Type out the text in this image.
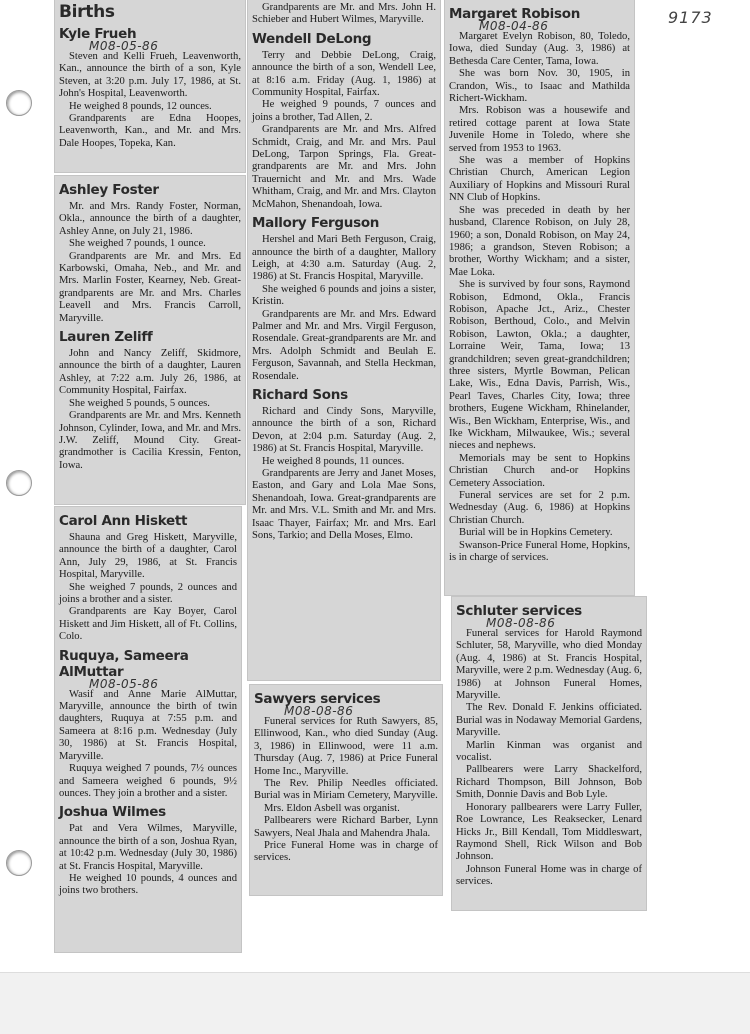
9173
Births
Kyle Frueh
M08-05-86

Steven and Kelli Frueh, Leavenworth, Kan., announce the birth of a son, Kyle Steven, at 3:20 p.m. July 17, 1986, at St. John's Hospital, Leavenworth.

He weighed 8 pounds, 12 ounces.

Grandparents are Edna Hoopes, Leavenworth, Kan., and Mr. and Mrs. Dale Hoopes, Topeka, Kan.

Ashley Foster

Mr. and Mrs. Randy Foster, Norman, Okla., announce the birth of a daughter, Ashley Anne, on July 21, 1986.

She weighed 7 pounds, 1 ounce.

Grandparents are Mr. and Mrs. Ed Karbowski, Omaha, Neb., and Mr. and Mrs. Marlin Foster, Kearney, Neb. Great-grandparents are Mr. and Mrs. Charles Leavell and Mrs. Francis Carroll, Maryville.

Lauren Zeliff

John and Nancy Zeliff, Skidmore, announce the birth of a daughter, Lauren Ashley, at 7:22 a.m. July 26, 1986, at Community Hospital, Fairfax.

She weighed 5 pounds, 5 ounces.

Grandparents are Mr. and Mrs. Kenneth Johnson, Cylinder, Iowa, and Mr. and Mrs. J.W. Zeliff, Mound City. Great-grandmother is Cacilia Kressin, Fenton, Iowa.

Carol Ann Hiskett

Shauna and Greg Hiskett, Maryville, announce the birth of a daughter, Carol Ann, July 29, 1986, at St. Francis Hospital, Maryville.

She weighed 7 pounds, 2 ounces and joins a brother and a sister.

Grandparents are Kay Boyer, Carol Hiskett and Jim Hiskett, all of Ft. Collins, Colo.

Ruquya, Sameera AlMuttar
M08-05-86

Wasif and Anne Marie AlMuttar, Maryville, announce the birth of twin daughters, Ruquya at 7:55 p.m. and Sameera at 8:16 p.m. Wednesday (July 30, 1986) at St. Francis Hospital, Maryville.

Ruquya weighed 7 pounds, 7½ ounces and Sameera weighed 6 pounds, 9½ ounces. They join a brother and a sister.

Joshua Wilmes

Pat and Vera Wilmes, Maryville, announce the birth of a son, Joshua Ryan, at 10:42 p.m. Wednesday (July 30, 1986) at St. Francis Hospital, Maryville.

He weighed 10 pounds, 4 ounces and joins two brothers.

Grandparents are Mr. and Mrs. John H. Schieber and Hubert Wilmes, Maryville.

Wendell DeLong

Terry and Debbie DeLong, Craig, announce the birth of a son, Wendell Lee, at 8:16 a.m. Friday (Aug. 1, 1986) at Community Hospital, Fairfax.

He weighed 9 pounds, 7 ounces and joins a brother, Tad Allen, 2.

Grandparents are Mr. and Mrs. Alfred Schmidt, Craig, and Mr. and Mrs. Paul DeLong, Tarpon Springs, Fla. Great-grandparents are Mr. and Mrs. John Trauernicht and Mr. and Mrs. Wade Whitham, Craig, and Mr. and Mrs. Clayton McMahon, Shenandoah, Iowa.

Mallory Ferguson

Hershel and Mari Beth Ferguson, Craig, announce the birth of a daughter, Mallory Leigh, at 4:30 a.m. Saturday (Aug. 2, 1986) at St. Francis Hospital, Maryville.

She weighed 6 pounds and joins a sister, Kristin.

Grandparents are Mr. and Mrs. Edward Palmer and Mr. and Mrs. Virgil Ferguson, Rosendale. Great-grandparents are Mr. and Mrs. Adolph Schmidt and Beulah E. Ferguson, Savannah, and Stella Heckman, Rosendale.

Richard Sons

Richard and Cindy Sons, Maryville, announce the birth of a son, Richard Devon, at 2:04 p.m. Saturday (Aug. 2, 1986) at St. Francis Hospital, Maryville.

He weighed 8 pounds, 11 ounces.

Grandparents are Jerry and Janet Moses, Easton, and Gary and Lola Mae Sons, Shenandoah, Iowa. Great-grandparents are Mr. and Mrs. V.L. Smith and Mr. and Mrs. Isaac Thayer, Fairfax; Mr. and Mrs. Earl Sons, Tarkio; and Della Moses, Elmo.

Sawyers services
M08-08-86

Funeral services for Ruth Sawyers, 85, Ellinwood, Kan., who died Sunday (Aug. 3, 1986) in Ellinwood, were 11 a.m. Thursday (Aug. 7, 1986) at Price Funeral Home Inc., Maryville.

The Rev. Philip Needles officiated. Burial was in Miriam Cemetery, Maryville.

Mrs. Eldon Asbell was organist.

Pallbearers were Richard Barber, Lynn Sawyers, Neal Jhala and Mahendra Jhala.

Price Funeral Home was in charge of services.

Margaret Robison
M08-04-86

Margaret Evelyn Robison, 80, Toledo, Iowa, died Sunday (Aug. 3, 1986) at Bethesda Care Center, Tama, Iowa.

She was born Nov. 30, 1905, in Crandon, Wis., to Isaac and Mathilda Richert-Wickham.

Mrs. Robison was a housewife and retired cottage parent at Iowa State Juvenile Home in Toledo, where she served from 1953 to 1963.

She was a member of Hopkins Christian Church, American Legion Auxiliary of Hopkins and Missouri Rural NN Club of Hopkins.

She was preceded in death by her husband, Clarence Robison, on July 28, 1960; a son, Donald Robison, on May 24, 1986; a grandson, Steven Robison; a brother, Worthy Wickham; and a sister, Mae Loka.

She is survived by four sons, Raymond Robison, Edmond, Okla., Francis Robison, Apache Jct., Ariz., Chester Robison, Berthoud, Colo., and Melvin Robison, Lawton, Okla.; a daughter, Lorraine Weir, Tama, Iowa; 13 grandchildren; seven great-grandchildren; three sisters, Myrtle Bowman, Pelican Lake, Wis., Edna Davis, Parrish, Wis., Pearl Taves, Charles City, Iowa; three brothers, Eugene Wickham, Rhinelander, Wis., Ben Wickham, Enterprise, Wis., and Ike Wickham, Milwaukee, Wis.; several nieces and nephews.

Memorials may be sent to Hopkins Christian Church and-or Hopkins Cemetery Association.

Funeral services are set for 2 p.m. Wednesday (Aug. 6, 1986) at Hopkins Christian Church.

Burial will be in Hopkins Cemetery.

Swanson-Price Funeral Home, Hopkins, is in charge of services.

Schluter services
M08-08-86

Funeral services for Harold Raymond Schluter, 58, Maryville, who died Monday (Aug. 4, 1986) at St. Francis Hospital, Maryville, were 2 p.m. Wednesday (Aug. 6, 1986) at Johnson Funeral Homes, Maryville.

The Rev. Donald F. Jenkins officiated. Burial was in Nodaway Memorial Gardens, Maryville.

Marlin Kinman was organist and vocalist.

Pallbearers were Larry Shackelford, Richard Thompson, Bill Johnson, Bob Smith, Donnie Davis and Bob Lyle.

Honorary pallbearers were Larry Fuller, Roe Lowrance, Les Reaksecker, Lenard Hicks Jr., Bill Kendall, Tom Middleswart, Raymond Shell, Rick Wilson and Bob Johnson.

Johnson Funeral Home was in charge of services.
